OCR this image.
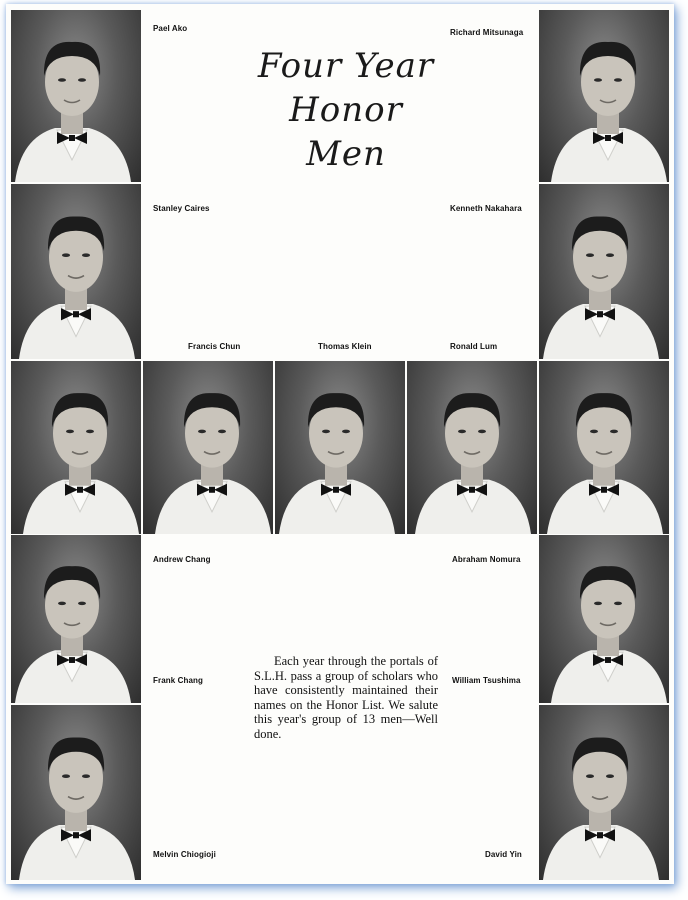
Four Year
Honor
Men
Pael Ako	Richard Mitsunaga
Stanley Caires	Kenneth Nakahara
Francis Chun	Thomas Klein	Ronald Lum
Andrew Chang	Abraham Nomura
Frank Chang	William Tsushima
Melvin Chiogioji	David Yin
Each year through the portals of S.L.H. pass a group of scholars who have consistently maintained their names on the Honor List. We salute this year's group of 13 men—Well done.
